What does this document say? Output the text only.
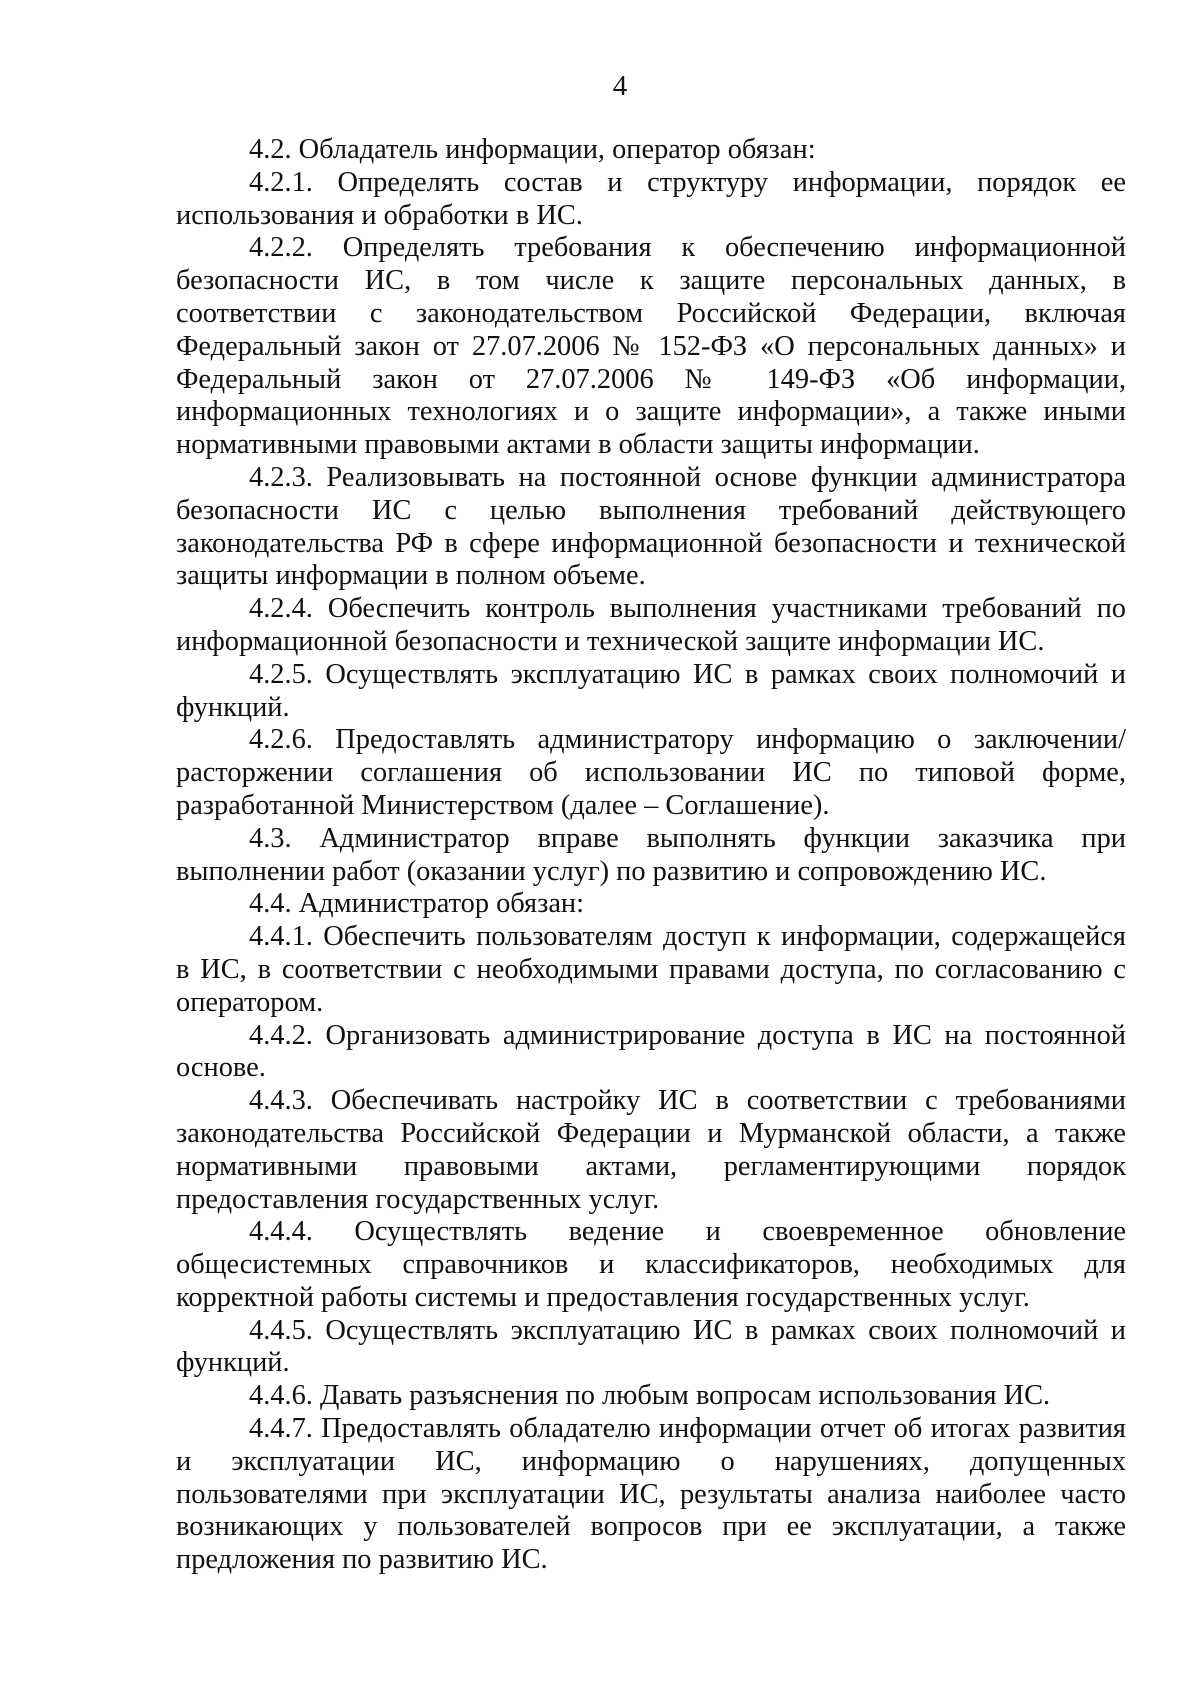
4

4.2. Обладатель информации, оператор обязан:

4.2.1. Определять состав и структуру информации, порядок ее использования и обработки в ИС.

4.2.2. Определять требования к обеспечению информационной безопасности ИС, в том числе к защите персональных данных, в соответствии с законодательством Российской Федерации, включая Федеральный закон от 27.07.2006 № 152-ФЗ «О персональных данных» и Федеральный закон от 27.07.2006 № 149-ФЗ «Об информации, информационных технологиях и о защите информации», а также иными нормативными правовыми актами в области защиты информации.

4.2.3. Реализовывать на постоянной основе функции администратора безопасности ИС с целью выполнения требований действующего законодательства РФ в сфере информационной безопасности и технической защиты информации в полном объеме.

4.2.4. Обеспечить контроль выполнения участниками требований по информационной безопасности и технической защите информации ИС.

4.2.5. Осуществлять эксплуатацию ИС в рамках своих полномочий и функций.

4.2.6. Предоставлять администратору информацию о заключении/расторжении соглашения об использовании ИС по типовой форме, разработанной Министерством (далее – Соглашение).

4.3. Администратор вправе выполнять функции заказчика при выполнении работ (оказании услуг) по развитию и сопровождению ИС.

4.4. Администратор обязан:

4.4.1. Обеспечить пользователям доступ к информации, содержащейся в ИС, в соответствии с необходимыми правами доступа, по согласованию с оператором.

4.4.2. Организовать администрирование доступа в ИС на постоянной основе.

4.4.3. Обеспечивать настройку ИС в соответствии с требованиями законодательства Российской Федерации и Мурманской области, а также нормативными правовыми актами, регламентирующими порядок предоставления государственных услуг.

4.4.4. Осуществлять ведение и своевременное обновление общесистемных справочников и классификаторов, необходимых для корректной работы системы и предоставления государственных услуг.

4.4.5. Осуществлять эксплуатацию ИС в рамках своих полномочий и функций.

4.4.6. Давать разъяснения по любым вопросам использования ИС.

4.4.7. Предоставлять обладателю информации отчет об итогах развития и эксплуатации ИС, информацию о нарушениях, допущенных пользователями при эксплуатации ИС, результаты анализа наиболее часто возникающих у пользователей вопросов при ее эксплуатации, а также предложения по развитию ИС.
